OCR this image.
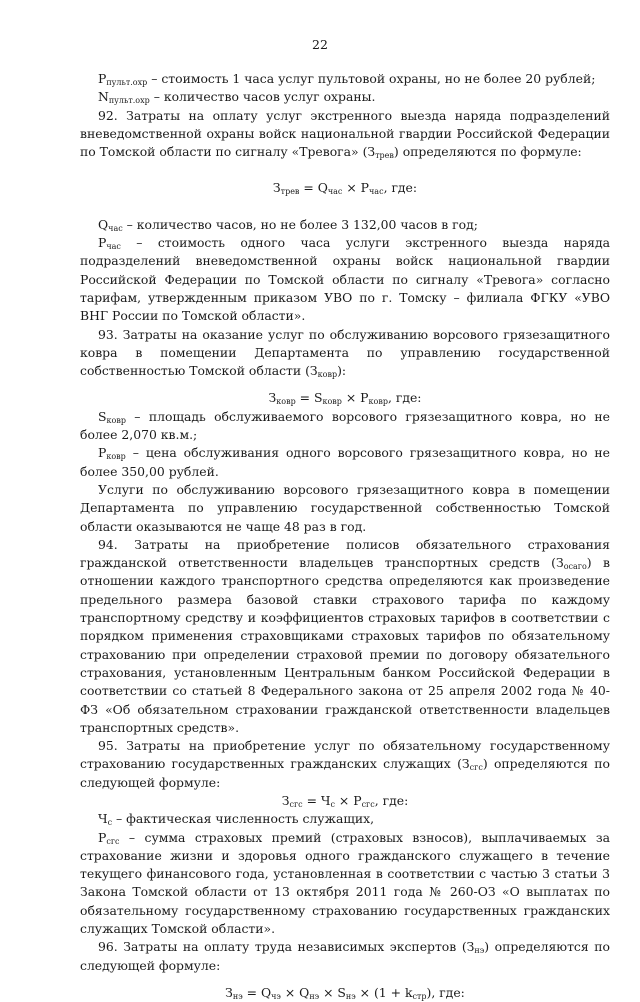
22

$P_{пульт.охр}$ – стоимость 1 часа услуг пультовой охраны, но не более 20 рублей;

$N_{пульт.охр}$ – количество часов услуг охраны.

92. Затраты на оплату услуг экстренного выезда наряда подразделений вневедомственной охраны войск национальной гвардии Российской Федерации по Томской области по сигналу «Тревога» $(З_{трев})$ определяются по формуле:

$З_{трев} = Q_{час} \times P_{час}$, где:

$Q_{час}$ – количество часов, но не более 3 132,00 часов в год;

$P_{час}$ – стоимость одного часа услуги экстренного выезда наряда подразделений вневедомственной охраны войск национальной гвардии Российской Федерации по Томской области по сигналу «Тревога» согласно тарифам, утвержденным приказом УВО по г. Томску – филиала ФГКУ «УВО ВНГ России по Томской области».

93. Затраты на оказание услуг по обслуживанию ворсового грязезащитного ковра в помещении Департамента по управлению государственной собственностью Томской области $(З_{ковр})$:

$З_{ковр} = S_{ковр} \times P_{ковр}$, где:

$S_{ковр}$ – площадь обслуживаемого ворсового грязезащитного ковра, но не более 2,070 кв.м.;

$P_{ковр}$ – цена обслуживания одного ворсового грязезащитного ковра, но не более 350,00 рублей.

Услуги по обслуживанию ворсового грязезащитного ковра в помещении Департамента по управлению государственной собственностью Томской области оказываются не чаще 48 раз в год.

94. Затраты на приобретение полисов обязательного страхования гражданской ответственности владельцев транспортных средств $(З_{осаго})$ в отношении каждого транспортного средства определяются как произведение предельного размера базовой ставки страхового тарифа по каждому транспортному средству и коэффициентов страховых тарифов в соответствии с порядком применения страховщиками страховых тарифов по обязательному страхованию при определении страховой премии по договору обязательного страхования, установленным Центральным банком Российской Федерации в соответствии со статьей 8 Федерального закона от 25 апреля 2002 года № 40-ФЗ «Об обязательном страховании гражданской ответственности владельцев транспортных средств».

95. Затраты на приобретение услуг по обязательному государственному страхованию государственных гражданских служащих $(З_{сгс})$ определяются по следующей формуле:

$З_{сгс} = Ч_с \times P_{сгс}$, где:

$Ч_с$ – фактическая численность служащих,

$P_{сгс}$ – сумма страховых премий (страховых взносов), выплачиваемых за страхование жизни и здоровья одного гражданского служащего в течение текущего финансового года, установленная в соответствии с частью 3 статьи 3 Закона Томской области от 13 октября 2011 года № 260-ОЗ «О выплатах по обязательному государственному страхованию государственных гражданских служащих Томской области».

96. Затраты на оплату труда независимых экспертов $(З_{нэ})$ определяются по следующей формуле:

$З_{нэ} = Q_{чэ} \times Q_{нэ} \times S_{нэ} \times (1 + k_{стр})$, где:
